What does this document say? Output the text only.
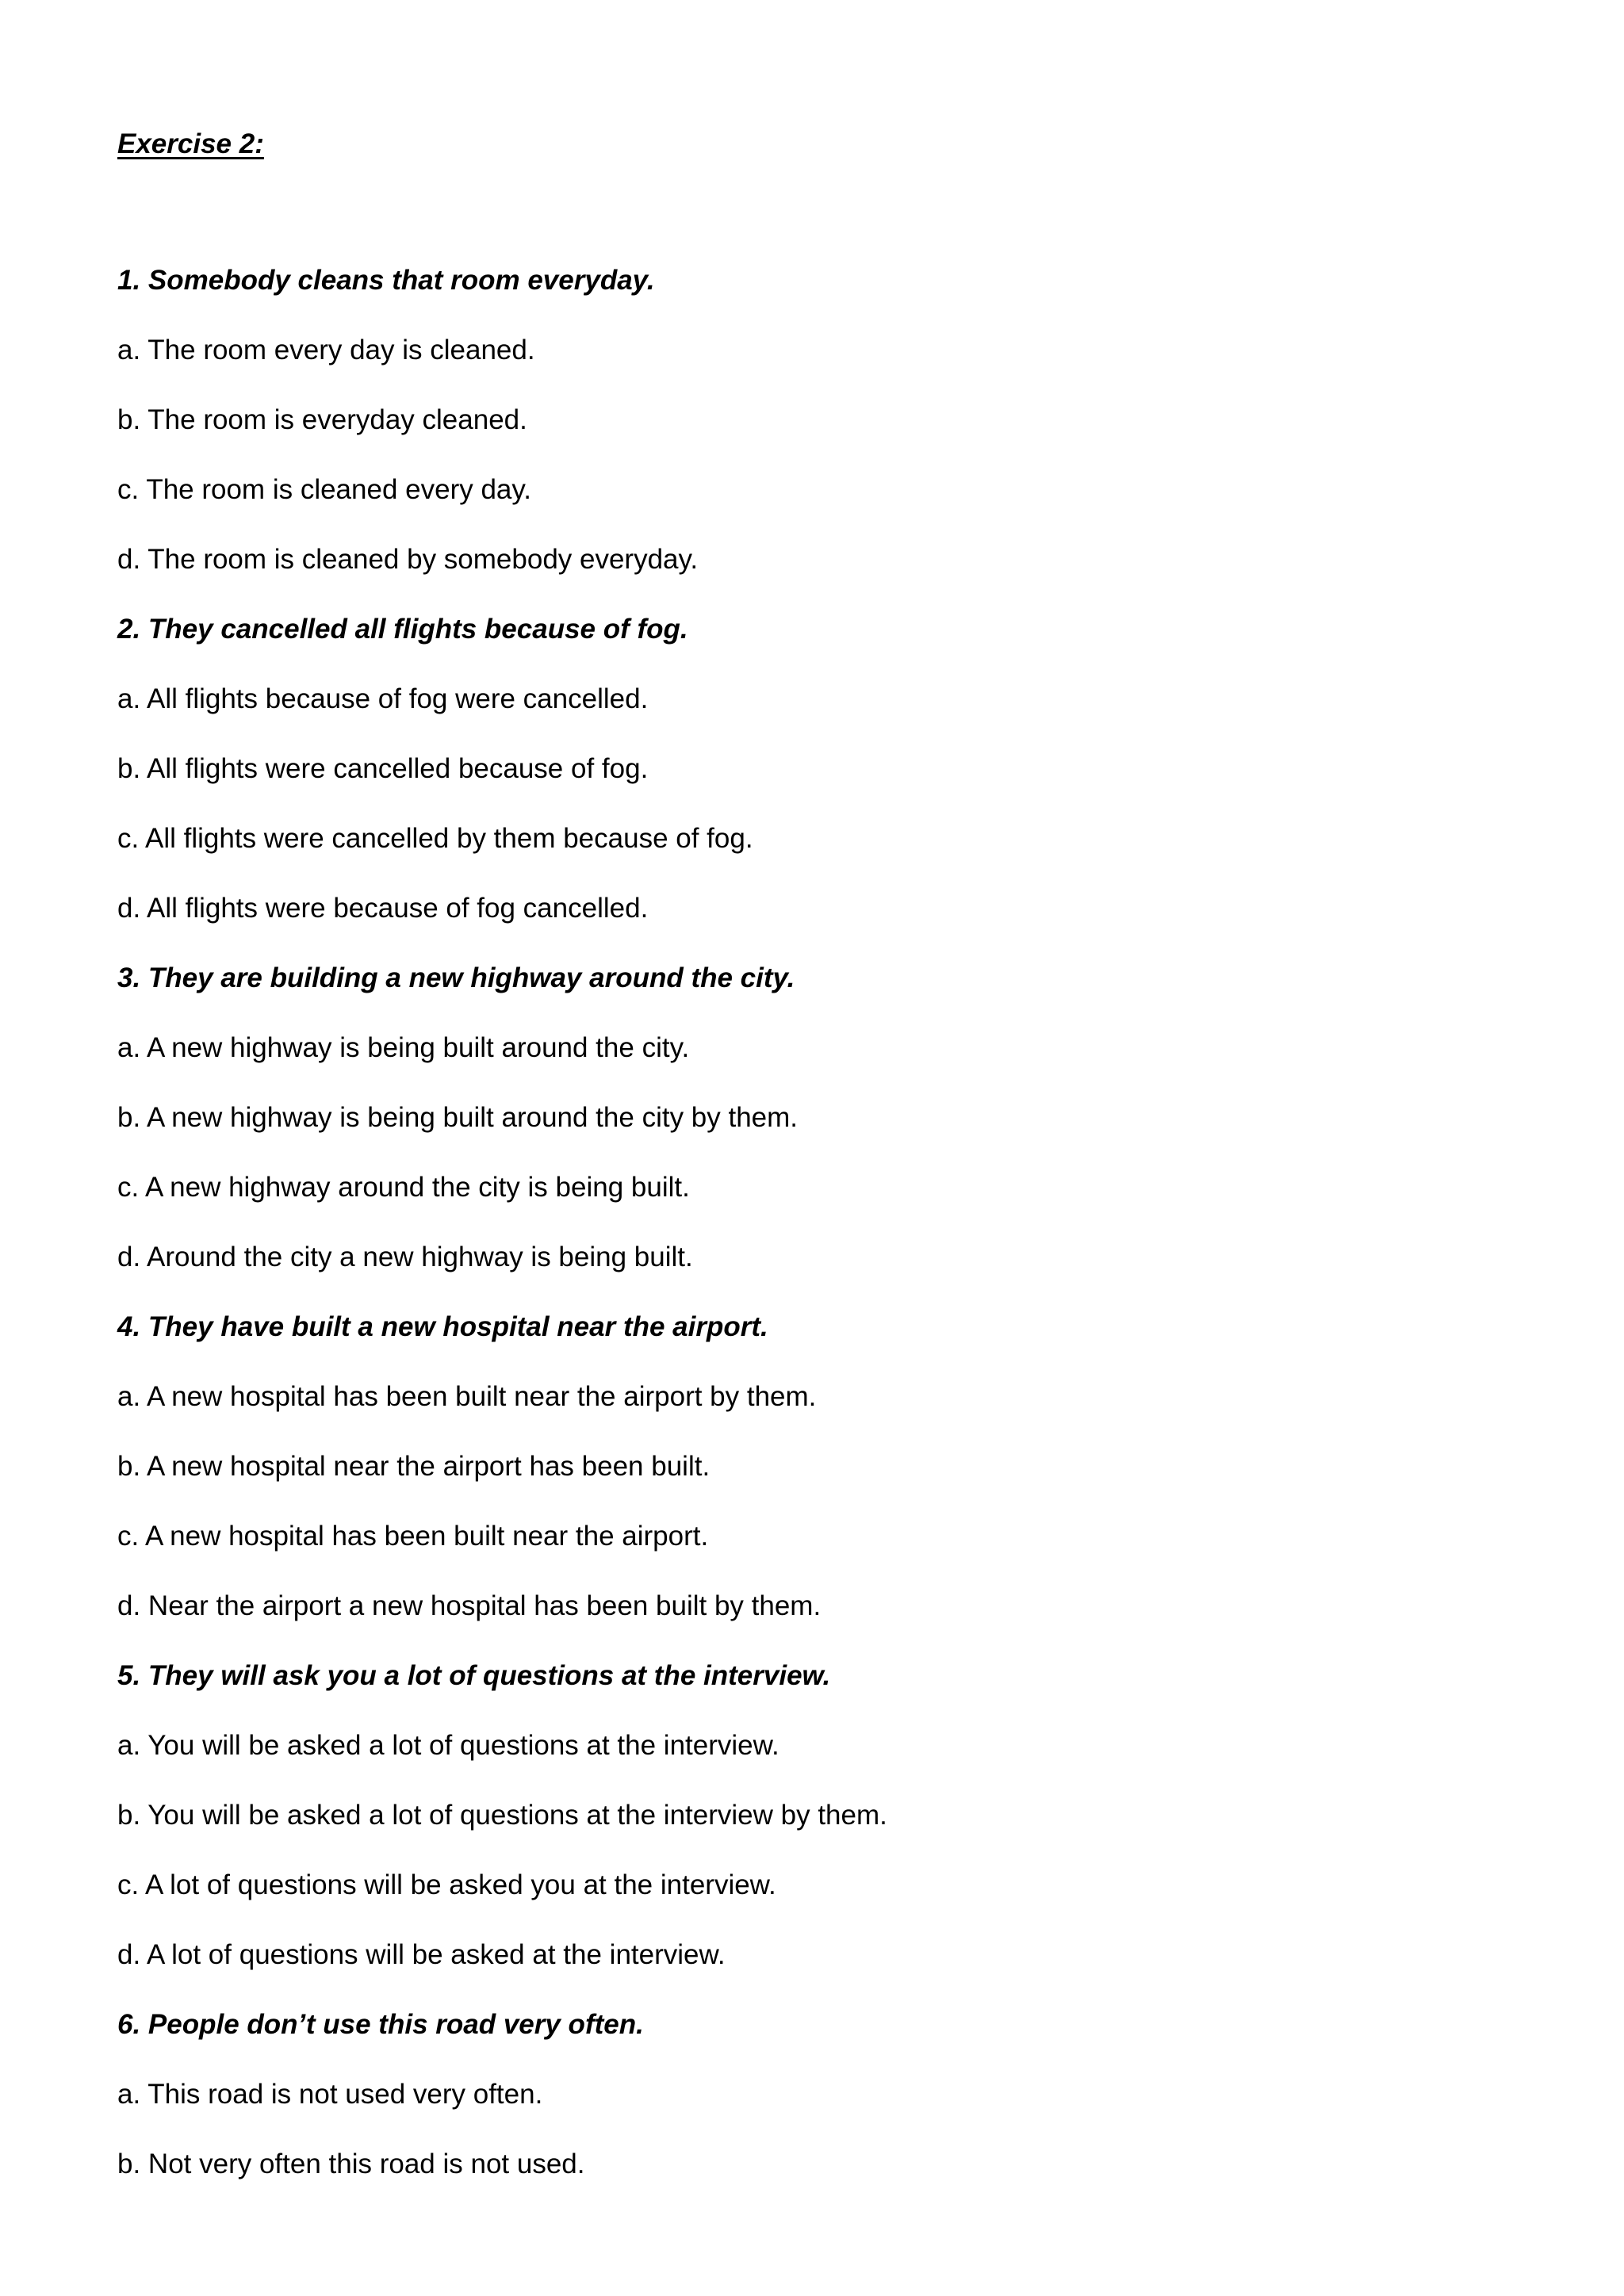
Exercise 2:
1. Somebody cleans that room everyday.
a. The room every day is cleaned.
b. The room is everyday cleaned.
c. The room is cleaned every day.
d. The room is cleaned by somebody everyday.
2. They cancelled all flights because of fog.
a. All flights because of fog were cancelled.
b. All flights were cancelled because of fog.
c. All flights were cancelled by them because of fog.
d. All flights were because of fog cancelled.
3. They are building a new highway around the city.
a. A new highway is being built around the city.
b. A new highway is being built around the city by them.
c. A new highway around the city is being built.
d. Around the city a new highway is being built.
4. They have built a new hospital near the airport.
a. A new hospital has been built near the airport by them.
b. A new hospital near the airport has been built.
c. A new hospital has been built near the airport.
d. Near the airport a new hospital has been built by them.
5. They will ask you a lot of questions at the interview.
a. You will be asked a lot of questions at the interview.
b. You will be asked a lot of questions at the interview by them.
c. A lot of questions will be asked you at the interview.
d. A lot of questions will be asked at the interview.
6. People don’t use this road very often.
a. This road is not used very often.
b. Not very often this road is not used.
